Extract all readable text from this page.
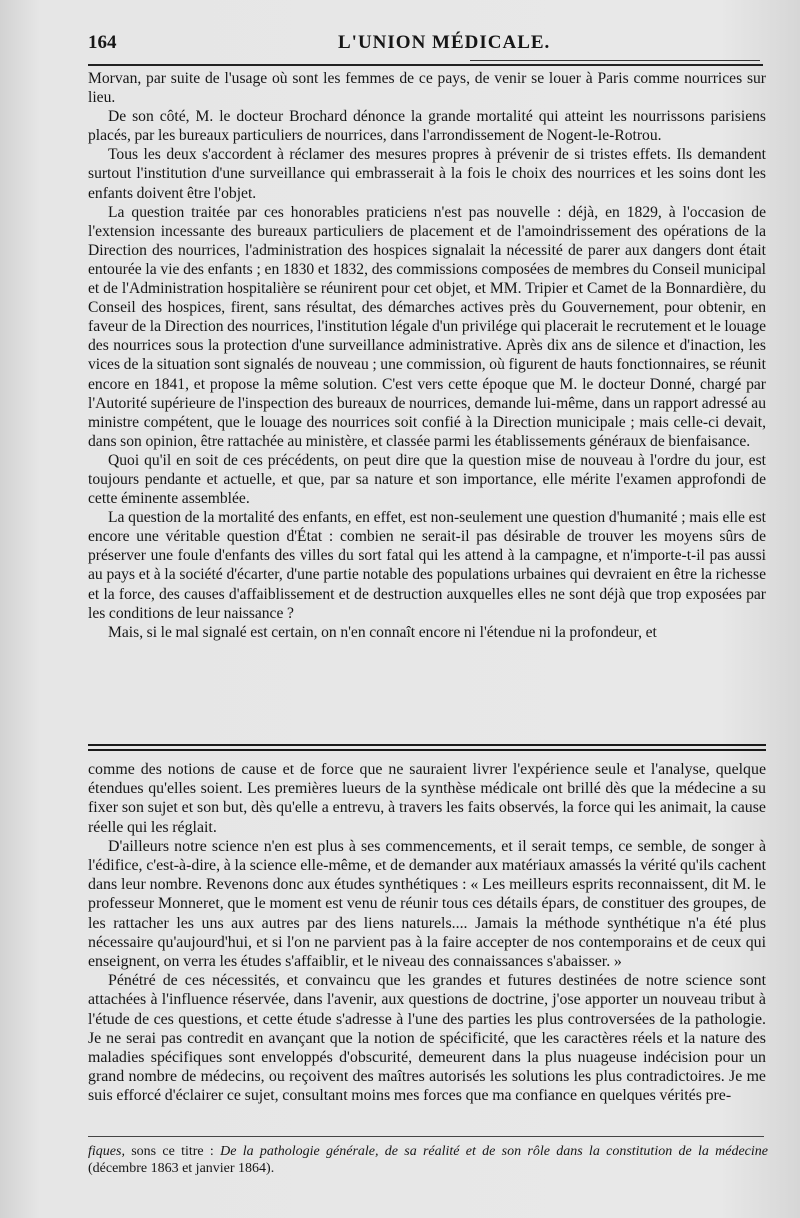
164	L'UNION MÉDICALE.

Morvan, par suite de l'usage où sont les femmes de ce pays, de venir se louer à Paris comme nourrices sur lieu.

De son côté, M. le docteur Brochard dénonce la grande mortalité qui atteint les nourrissons parisiens placés, par les bureaux particuliers de nourrices, dans l'arrondissement de Nogent-le-Rotrou.

Tous les deux s'accordent à réclamer des mesures propres à prévenir de si tristes effets. Ils demandent surtout l'institution d'une surveillance qui embrasserait à la fois le choix des nourrices et les soins dont les enfants doivent être l'objet.

La question traitée par ces honorables praticiens n'est pas nouvelle : déjà, en 1829, à l'occasion de l'extension incessante des bureaux particuliers de placement et de l'amoindrissement des opérations de la Direction des nourrices, l'administration des hospices signalait la nécessité de parer aux dangers dont était entourée la vie des enfants ; en 1830 et 1832, des commissions composées de membres du Conseil municipal et de l'Administration hospitalière se réunirent pour cet objet, et MM. Tripier et Camet de la Bonnardière, du Conseil des hospices, firent, sans résultat, des démarches actives près du Gouvernement, pour obtenir, en faveur de la Direction des nourrices, l'institution légale d'un privilége qui placerait le recrutement et le louage des nourrices sous la protection d'une surveillance administrative. Après dix ans de silence et d'inaction, les vices de la situation sont signalés de nouveau ; une commission, où figurent de hauts fonctionnaires, se réunit encore en 1841, et propose la même solution. C'est vers cette époque que M. le docteur Donné, chargé par l'Autorité supérieure de l'inspection des bureaux de nourrices, demande lui-même, dans un rapport adressé au ministre compétent, que le louage des nourrices soit confié à la Direction municipale ; mais celle-ci devait, dans son opinion, être rattachée au ministère, et classée parmi les établissements généraux de bienfaisance.

Quoi qu'il en soit de ces précédents, on peut dire que la question mise de nouveau à l'ordre du jour, est toujours pendante et actuelle, et que, par sa nature et son importance, elle mérite l'examen approfondi de cette éminente assemblée.

La question de la mortalité des enfants, en effet, est non-seulement une question d'humanité ; mais elle est encore une véritable question d'État : combien ne serait-il pas désirable de trouver les moyens sûrs de préserver une foule d'enfants des villes du sort fatal qui les attend à la campagne, et n'importe-t-il pas aussi au pays et à la société d'écarter, d'une partie notable des populations urbaines qui devraient en être la richesse et la force, des causes d'affaiblissement et de destruction auxquelles elles ne sont déjà que trop exposées par les conditions de leur naissance ?

Mais, si le mal signalé est certain, on n'en connaît encore ni l'étendue ni la profondeur, et

comme des notions de cause et de force que ne sauraient livrer l'expérience seule et l'analyse, quelque étendues qu'elles soient. Les premières lueurs de la synthèse médicale ont brillé dès que la médecine a su fixer son sujet et son but, dès qu'elle a entrevu, à travers les faits observés, la force qui les animait, la cause réelle qui les réglait.

D'ailleurs notre science n'en est plus à ses commencements, et il serait temps, ce semble, de songer à l'édifice, c'est-à-dire, à la science elle-même, et de demander aux matériaux amassés la vérité qu'ils cachent dans leur nombre. Revenons donc aux études synthétiques : « Les meilleurs esprits reconnaissent, dit M. le professeur Monneret, que le moment est venu de réunir tous ces détails épars, de constituer des groupes, de les rattacher les uns aux autres par des liens naturels.... Jamais la méthode synthétique n'a été plus nécessaire qu'aujourd'hui, et si l'on ne parvient pas à la faire accepter de nos contemporains et de ceux qui enseignent, on verra les études s'affaiblir, et le niveau des connaissances s'abaisser. »

Pénétré de ces nécessités, et convaincu que les grandes et futures destinées de notre science sont attachées à l'influence réservée, dans l'avenir, aux questions de doctrine, j'ose apporter un nouveau tribut à l'étude de ces questions, et cette étude s'adresse à l'une des parties les plus controversées de la pathologie. Je ne serai pas contredit en avançant que la notion de spécificité, que les caractères réels et la nature des maladies spécifiques sont enveloppés d'obscurité, demeurent dans la plus nuageuse indécision pour un grand nombre de médecins, ou reçoivent des maîtres autorisés les solutions les plus contradictoires. Je me suis efforcé d'éclairer ce sujet, consultant moins mes forces que ma confiance en quelques vérités pre-

fiques, sons ce titre : De la pathologie générale, de sa réalité et de son rôle dans la constitution de la médecine (décembre 1863 et janvier 1864).
